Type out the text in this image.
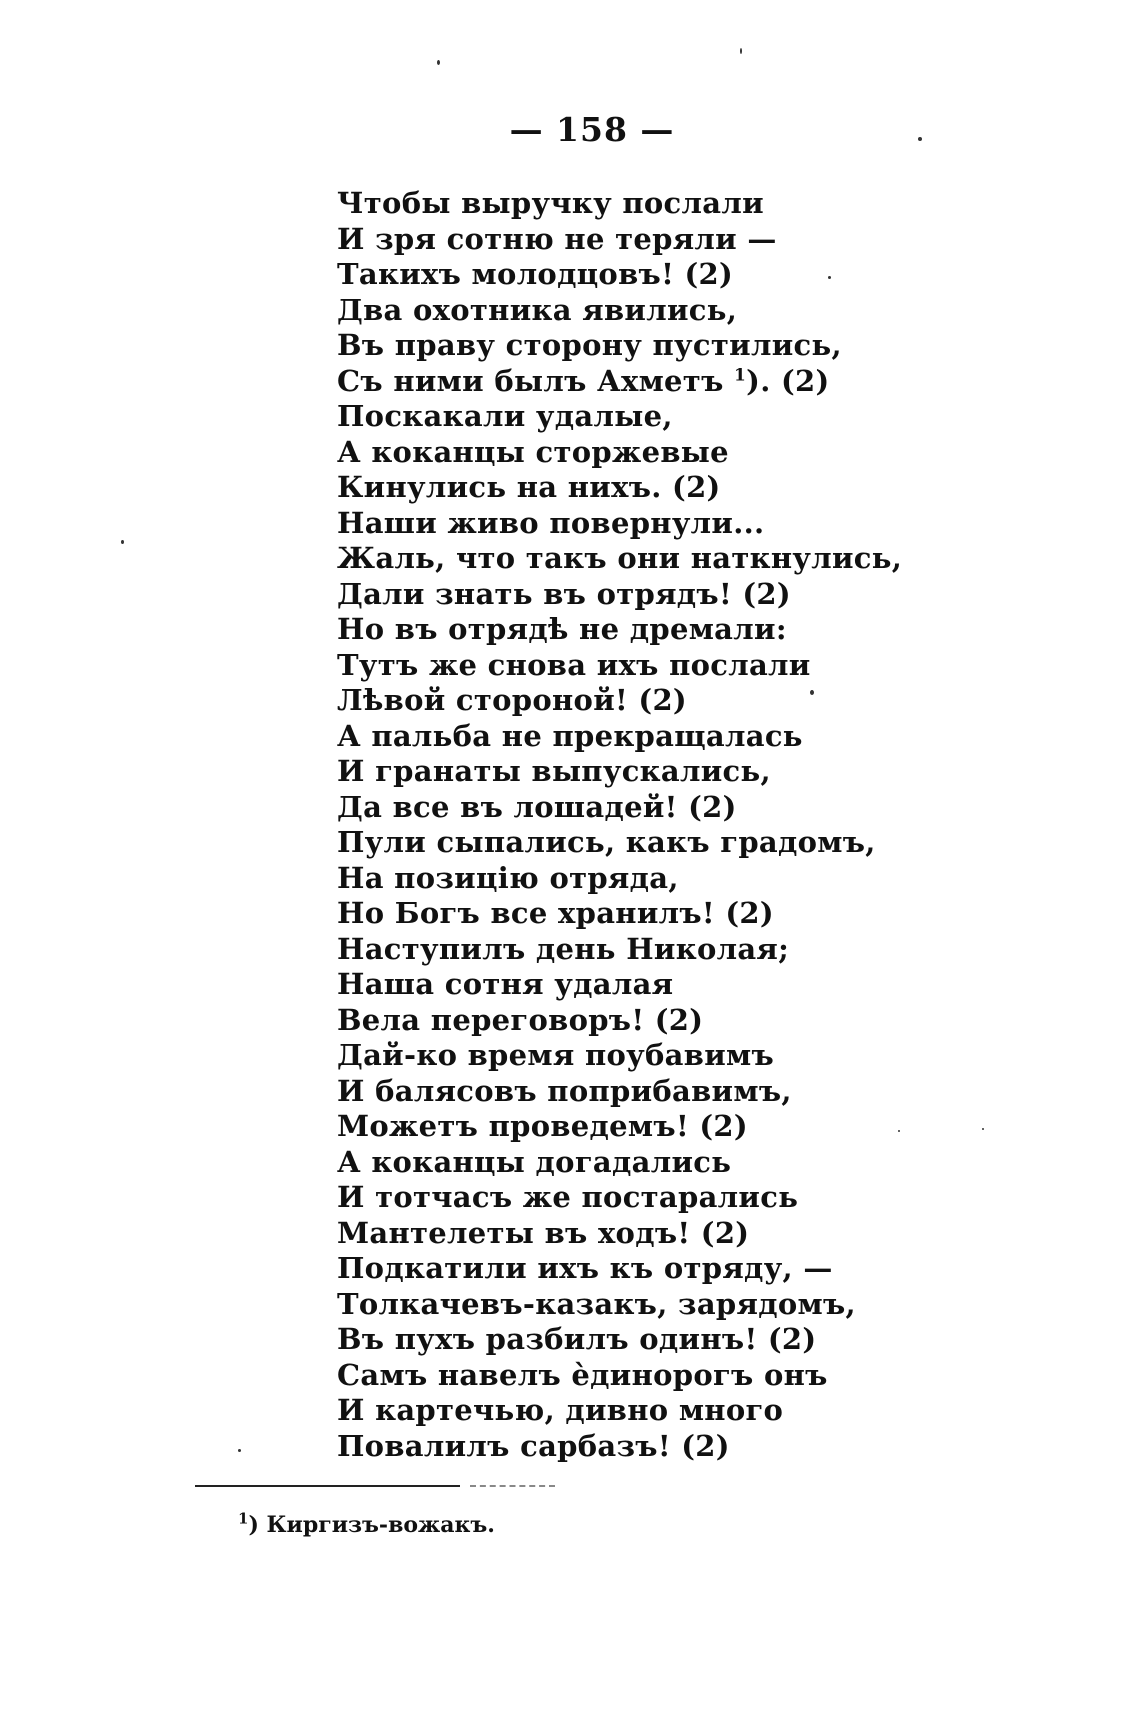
— 158 —
Чтобы выручку послали
И зря сотню не теряли —
Такихъ молодцовъ! (2)
Два охотника явились,
Въ праву сторону пустились,
Съ ними былъ Ахметъ $^1$). (2)
Поскакали удалые,
А коканцы сторжевые
Кинулись на нихъ. (2)
Наши живо повернули...
Жаль, что такъ они наткнулись,
Дали знать въ отрядъ! (2)
Но въ отрядѣ не дремали:
Тутъ же снова ихъ послали
Лѣвой стороной! (2)
А пальба не прекращалась
И гранаты выпускались,
Да все въ лошадей! (2)
Пули сыпались, какъ градомъ,
На позицію отряда,
Но Богъ все хранилъ! (2)
Наступилъ день Николая;
Наша сотня удалая
Вела переговоръ! (2)
Дай-ко время поубавимъ
И балясовъ поприбавимъ,
Можетъ проведемъ! (2)
А коканцы догадались
И тотчасъ же постарались
Мантелеты въ ходъ! (2)
Подкатили ихъ къ отряду, —
Толкачевъ-казакъ, зарядомъ,
Въ пухъ разбилъ одинъ! (2)
Самъ навелъ ѐдинорогъ онъ
И картечью, дивно много
Повалилъ сарбазъ! (2)
$^1$) Киргизъ-вожакъ.
